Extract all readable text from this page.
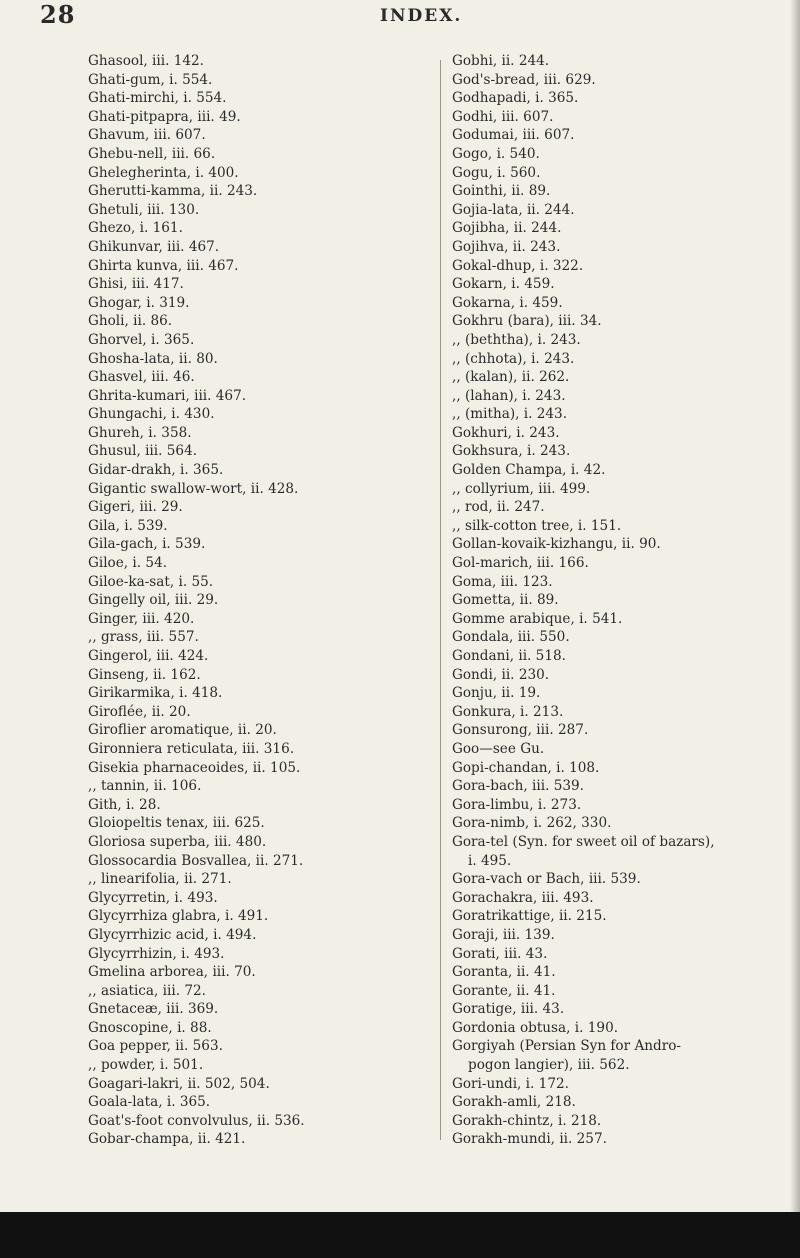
28	INDEX.
Ghasool, iii. 142.
Ghati-gum, i. 554.
Ghati-mirchi, i. 554.
Ghati-pitpapra, iii. 49.
Ghavum, iii. 607.
Ghebu-nell, iii. 66.
Ghelegherinta, i. 400.
Gherutti-kamma, ii. 243.
Ghetuli, iii. 130.
Ghezo, i. 161.
Ghikunvar, iii. 467.
Ghirta kunva, iii. 467.
Ghisi, iii. 417.
Ghogar, i. 319.
Gholi, ii. 86.
Ghorvel, i. 365.
Ghosha-lata, ii. 80.
Ghasvel, iii. 46.
Ghrita-kumari, iii. 467.
Ghungachi, i. 430.
Ghureh, i. 358.
Ghusul, iii. 564.
Gidar-drakh, i. 365.
Gigantic swallow-wort, ii. 428.
Gigeri, iii. 29.
Gila, i. 539.
Gila-gach, i. 539.
Giloe, i. 54.
Giloe-ka-sat, i. 55.
Gingelly oil, iii. 29.
Ginger, iii. 420.
,, grass, iii. 557.
Gingerol, iii. 424.
Ginseng, ii. 162.
Girikarmika, i. 418.
Giroflée, ii. 20.
Giroflier aromatique, ii. 20.
Gironniera reticulata, iii. 316.
Gisekia pharnaceoides, ii. 105.
,, tannin, ii. 106.
Gith, i. 28.
Gloiopeltis tenax, iii. 625.
Gloriosa superba, iii. 480.
Glossocardia Bosvallea, ii. 271.
,, linearifolia, ii. 271.
Glycyrretin, i. 493.
Glycyrrhiza glabra, i. 491.
Glycyrrhizic acid, i. 494.
Glycyrrhizin, i. 493.
Gmelina arborea, iii. 70.
,, asiatica, iii. 72.
Gnetaceæ, iii. 369.
Gnoscopine, i. 88.
Goa pepper, ii. 563.
,, powder, i. 501.
Goagari-lakri, ii. 502, 504.
Goala-lata, i. 365.
Goat's-foot convolvulus, ii. 536.
Gobar-champa, ii. 421.
Gobhi, ii. 244.
God's-bread, iii. 629.
Godhapadi, i. 365.
Godhi, iii. 607.
Godumai, iii. 607.
Gogo, i. 540.
Gogu, i. 560.
Gointhi, ii. 89.
Gojia-lata, ii. 244.
Gojibha, ii. 244.
Gojihva, ii. 243.
Gokal-dhup, i. 322.
Gokarn, i. 459.
Gokarna, i. 459.
Gokhru (bara), iii. 34.
,, (beththa), i. 243.
,, (chhota), i. 243.
,, (kalan), ii. 262.
,, (lahan), i. 243.
,, (mitha), i. 243.
Gokhuri, i. 243.
Gokhsura, i. 243.
Golden Champa, i. 42.
,, collyrium, iii. 499.
,, rod, ii. 247.
,, silk-cotton tree, i. 151.
Gollan-kovaik-kizhangu, ii. 90.
Gol-marich, iii. 166.
Goma, iii. 123.
Gometta, ii. 89.
Gomme arabique, i. 541.
Gondala, iii. 550.
Gondani, ii. 518.
Gondi, ii. 230.
Gonju, ii. 19.
Gonkura, i. 213.
Gonsurong, iii. 287.
Goo—see Gu.
Gopi-chandan, i. 108.
Gora-bach, iii. 539.
Gora-limbu, i. 273.
Gora-nimb, i. 262, 330.
Gora-tel (Syn. for sweet oil of bazars),
i. 495.
Gora-vach or Bach, iii. 539.
Gorachakra, iii. 493.
Goratrikattige, ii. 215.
Goraji, iii. 139.
Gorati, iii. 43.
Goranta, ii. 41.
Gorante, ii. 41.
Goratige, iii. 43.
Gordonia obtusa, i. 190.
Gorgiyah (Persian Syn for Andro-
pogon langier), iii. 562.
Gori-undi, i. 172.
Gorakh-amli, 218.
Gorakh-chintz, i. 218.
Gorakh-mundi, ii. 257.
